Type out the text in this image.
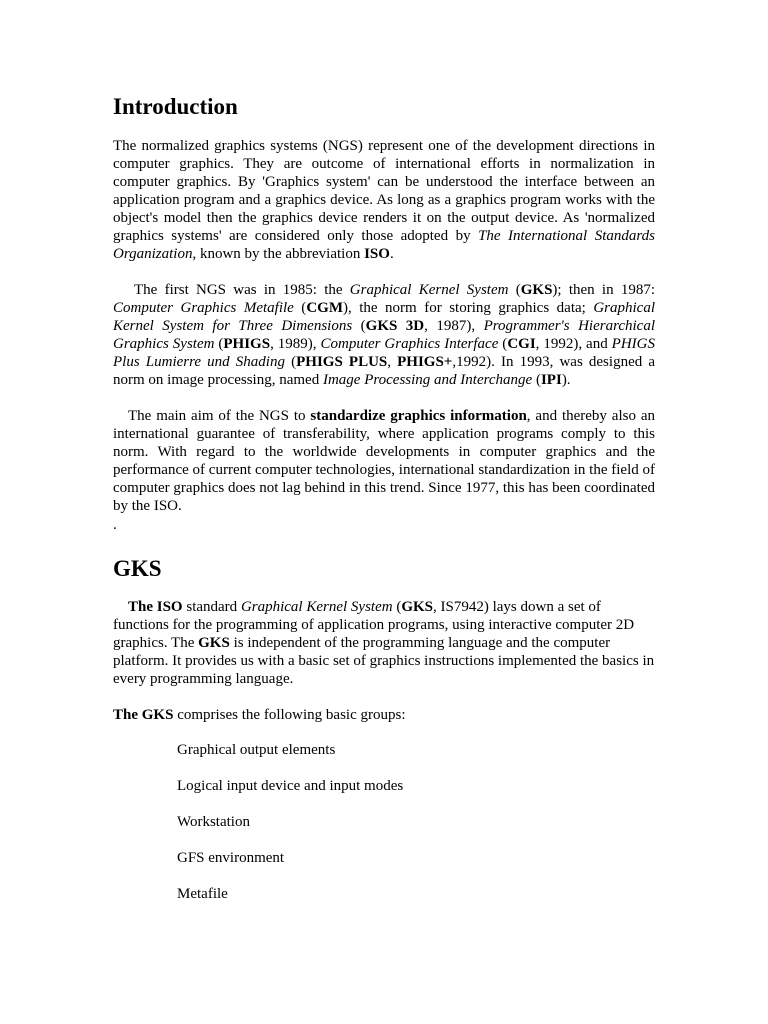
Introduction

The normalized graphics systems (NGS) represent one of the development directions in computer graphics. They are outcome of international efforts in normalization in computer graphics. By 'Graphics system' can be understood the interface between an application program and a graphics device. As long as a graphics program works with the object's model then the graphics device renders it on the output device. As 'normalized graphics systems' are considered only those adopted by The International Standards Organization, known by the abbreviation ISO.

The first NGS was in 1985: the Graphical Kernel System (GKS); then in 1987: Computer Graphics Metafile (CGM), the norm for storing graphics data; Graphical Kernel System for Three Dimensions (GKS 3D, 1987), Programmer's Hierarchical Graphics System (PHIGS, 1989), Computer Graphics Interface (CGI, 1992), and PHIGS Plus Lumierre und Shading (PHIGS PLUS, PHIGS+,1992). In 1993, was designed a norm on image processing, named Image Processing and Interchange (IPI).

The main aim of the NGS to standardize graphics information, and thereby also an international guarantee of transferability, where application programs comply to this norm. With regard to the worldwide developments in computer graphics and the performance of current computer technologies, international standardization in the field of computer graphics does not lag behind in this trend. Since 1977, this has been coordinated by the ISO.

.

GKS

The ISO standard Graphical Kernel System (GKS, IS7942) lays down a set of functions for the programming of application programs, using interactive computer 2D graphics. The GKS is independent of the programming language and the computer platform. It provides us with a basic set of graphics instructions implemented the basics in every programming language.

The GKS comprises the following basic groups:

Graphical output elements
Logical input device and input modes
Workstation
GFS environment
Metafile
